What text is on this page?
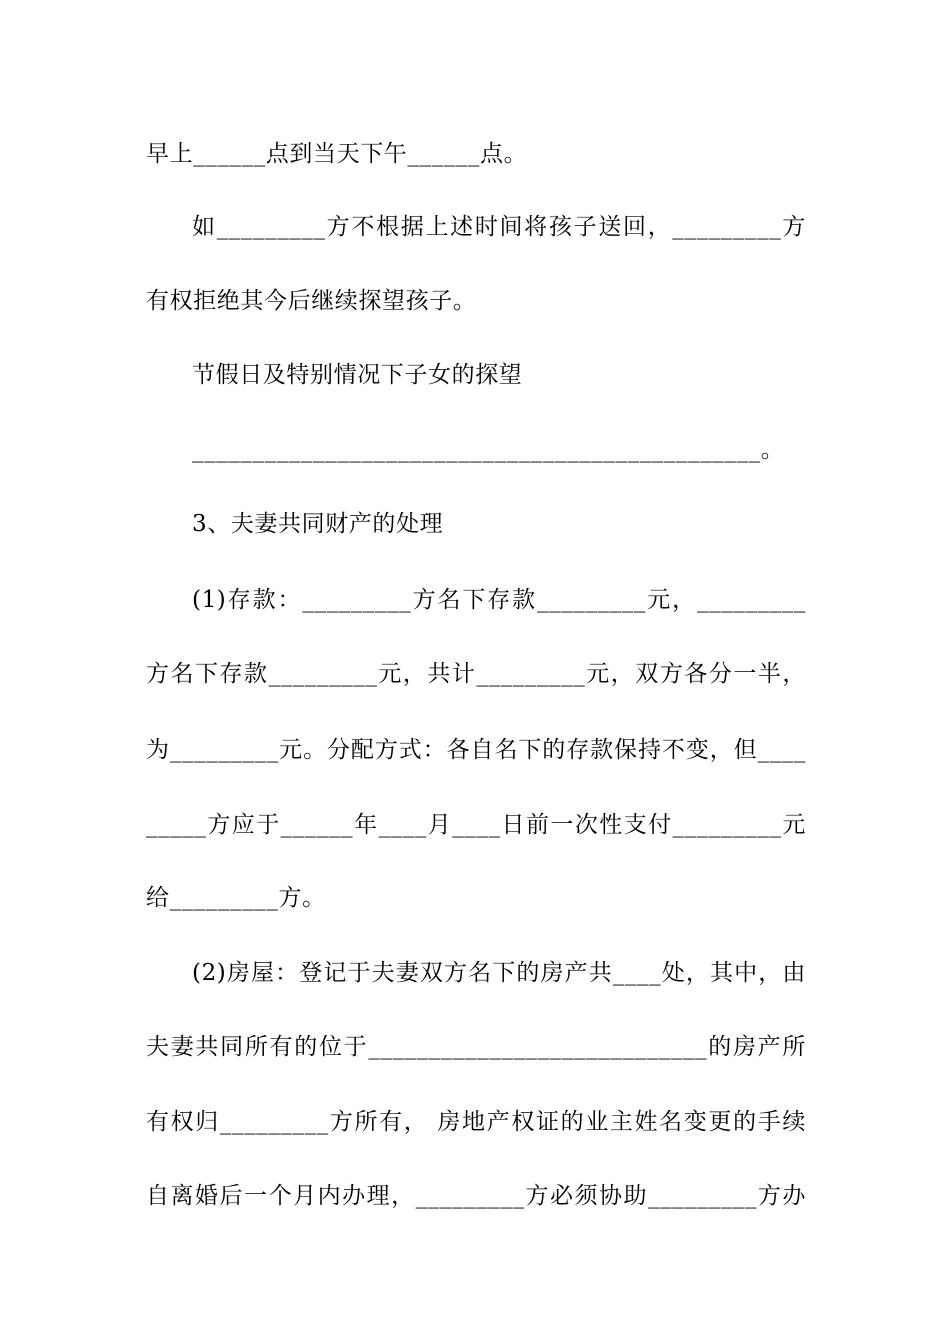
早上______点到当天下午______点。
如_________方不根据上述时间将孩子送回，_________方
有权拒绝其今后继续探望孩子。
节假日及特别情况下子女的探望
_______________________________________________。
3、夫妻共同财产的处理
(1)存款：_________方名下存款_________元，_________
方名下存款_________元，共计_________元，双方各分一半，
为_________元。分配方式：各自名下的存款保持不变，但____
_____方应于______年____月____日前一次性支付_________元
给_________方。
(2)房屋：登记于夫妻双方名下的房产共____处，其中，由
夫妻共同所有的位于____________________________的房产所
有权归_________方所有， 房地产权证的业主姓名变更的手续
自离婚后一个月内办理，_________方必须协助_________方办
